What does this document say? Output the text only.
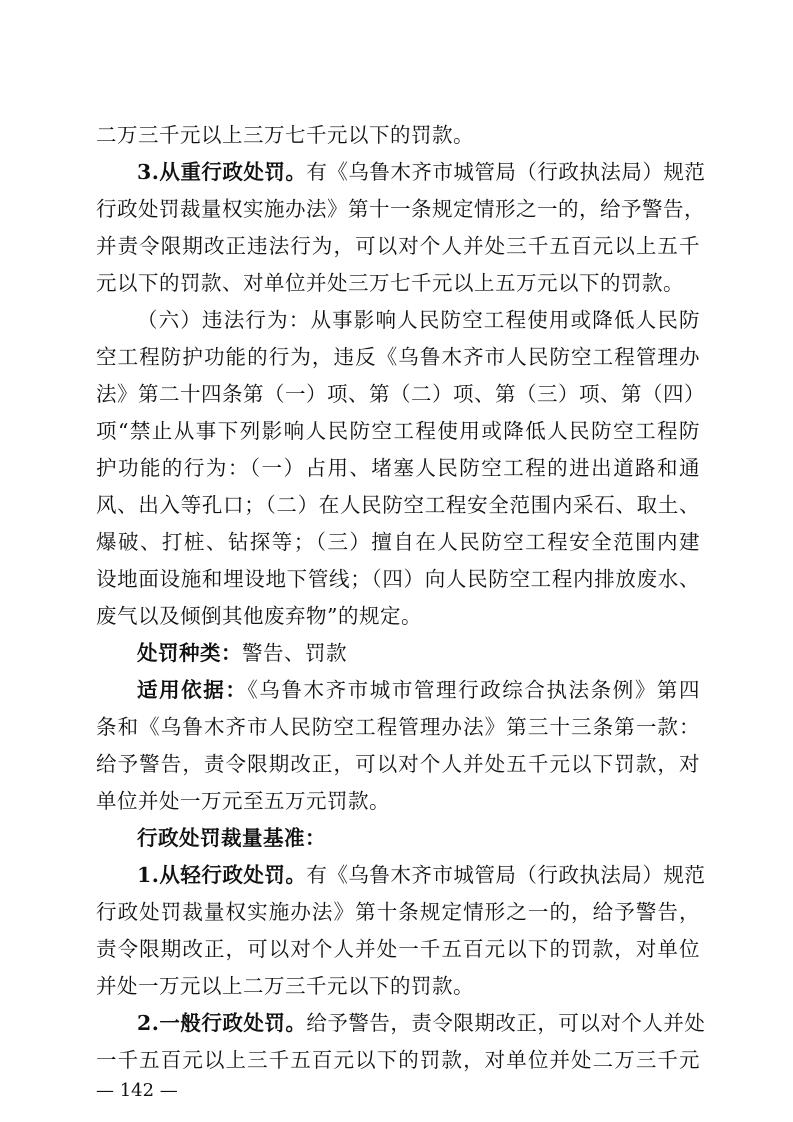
二万三千元以上三万七千元以下的罚款。
3.从重行政处罚。有《乌鲁木齐市城管局（行政执法局）规范
行政处罚裁量权实施办法》第十一条规定情形之一的，给予警告，
并责令限期改正违法行为，可以对个人并处三千五百元以上五千
元以下的罚款、对单位并处三万七千元以上五万元以下的罚款。
（六）违法行为：从事影响人民防空工程使用或降低人民防
空工程防护功能的行为，违反《乌鲁木齐市人民防空工程管理办
法》第二十四条第（一）项、第（二）项、第（三）项、第（四）
项“禁止从事下列影响人民防空工程使用或降低人民防空工程防
护功能的行为：（一）占用、堵塞人民防空工程的进出道路和通
风、出入等孔口；（二）在人民防空工程安全范围内采石、取土、
爆破、打桩、钻探等；（三）擅自在人民防空工程安全范围内建
设地面设施和埋设地下管线；（四）向人民防空工程内排放废水、
废气以及倾倒其他废弃物”的规定。
处罚种类：警告、罚款
适用依据：《乌鲁木齐市城市管理行政综合执法条例》第四
条和《乌鲁木齐市人民防空工程管理办法》第三十三条第一款：
给予警告，责令限期改正，可以对个人并处五千元以下罚款，对
单位并处一万元至五万元罚款。
行政处罚裁量基准：
1.从轻行政处罚。有《乌鲁木齐市城管局（行政执法局）规范
行政处罚裁量权实施办法》第十条规定情形之一的，给予警告，
责令限期改正，可以对个人并处一千五百元以下的罚款，对单位
并处一万元以上二万三千元以下的罚款。
2.一般行政处罚。给予警告，责令限期改正，可以对个人并处
一千五百元以上三千五百元以下的罚款，对单位并处二万三千元
— 142 —
